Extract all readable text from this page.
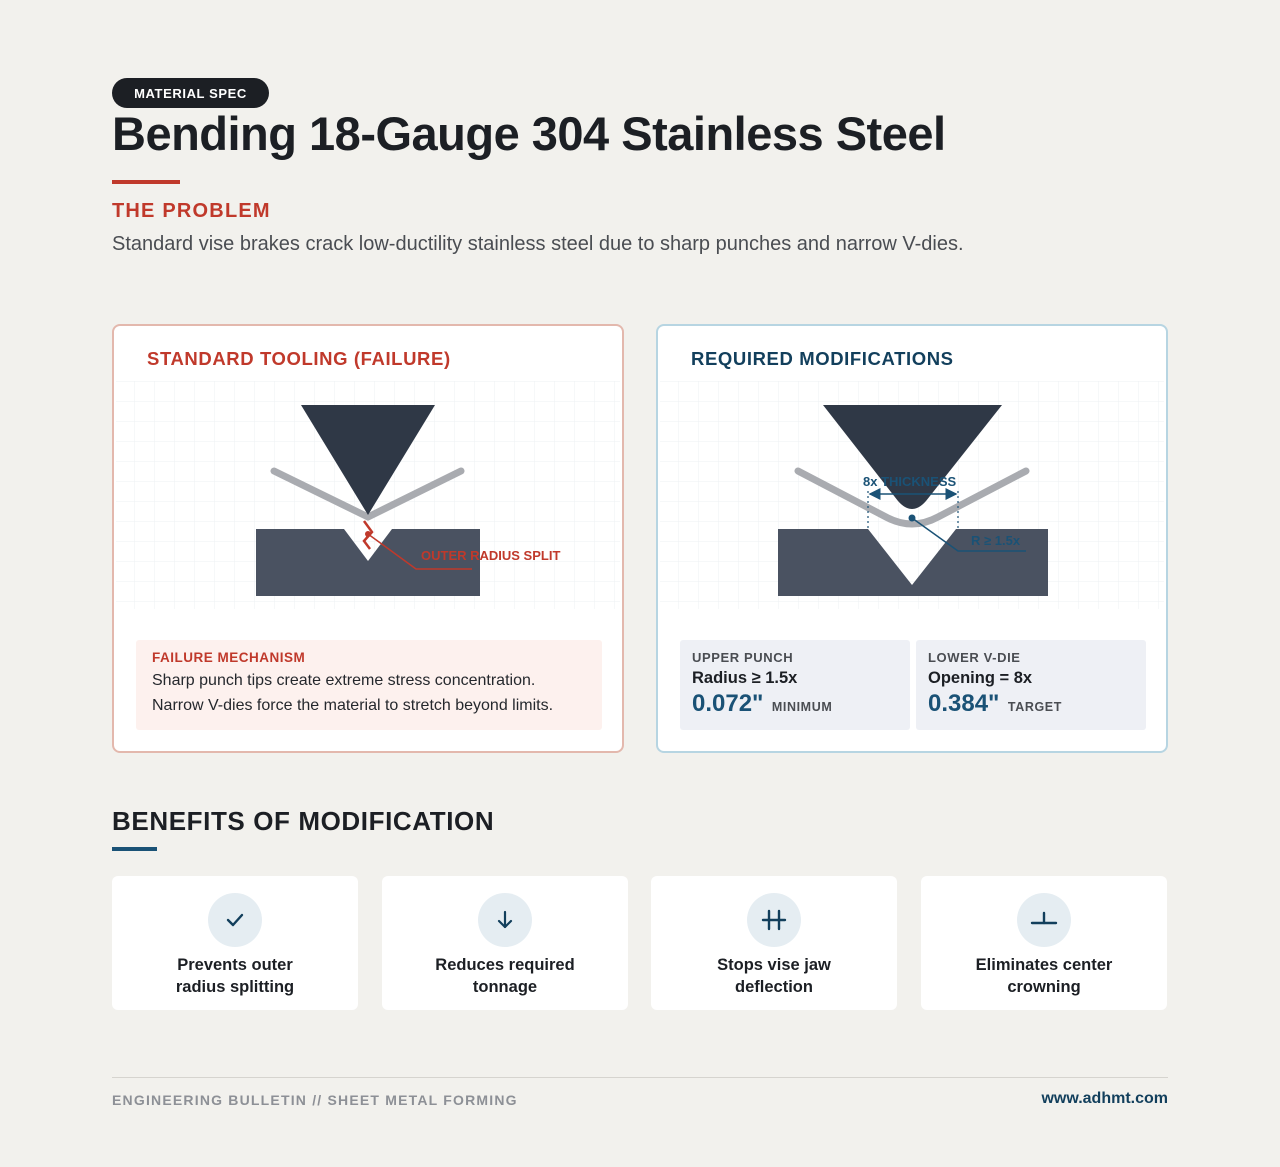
MATERIAL SPEC
Bending 18-Gauge 304 Stainless Steel
THE PROBLEM
Standard vise brakes crack low-ductility stainless steel due to sharp punches and narrow V-dies.
STANDARD TOOLING (FAILURE)
OUTER RADIUS SPLIT
FAILURE MECHANISM
Sharp punch tips create extreme stress concentration.
Narrow V-dies force the material to stretch beyond limits.
REQUIRED MODIFICATIONS
8x THICKNESS
R ≥ 1.5x
UPPER PUNCH
Radius ≥ 1.5x
0.072" MINIMUM
LOWER V-DIE
Opening = 8x
0.384" TARGET
BENEFITS OF MODIFICATION
Prevents outer
radius splitting
Reduces required
tonnage
Stops vise jaw
deflection
Eliminates center
crowning
ENGINEERING BULLETIN // SHEET METAL FORMING	www.adhmt.com
